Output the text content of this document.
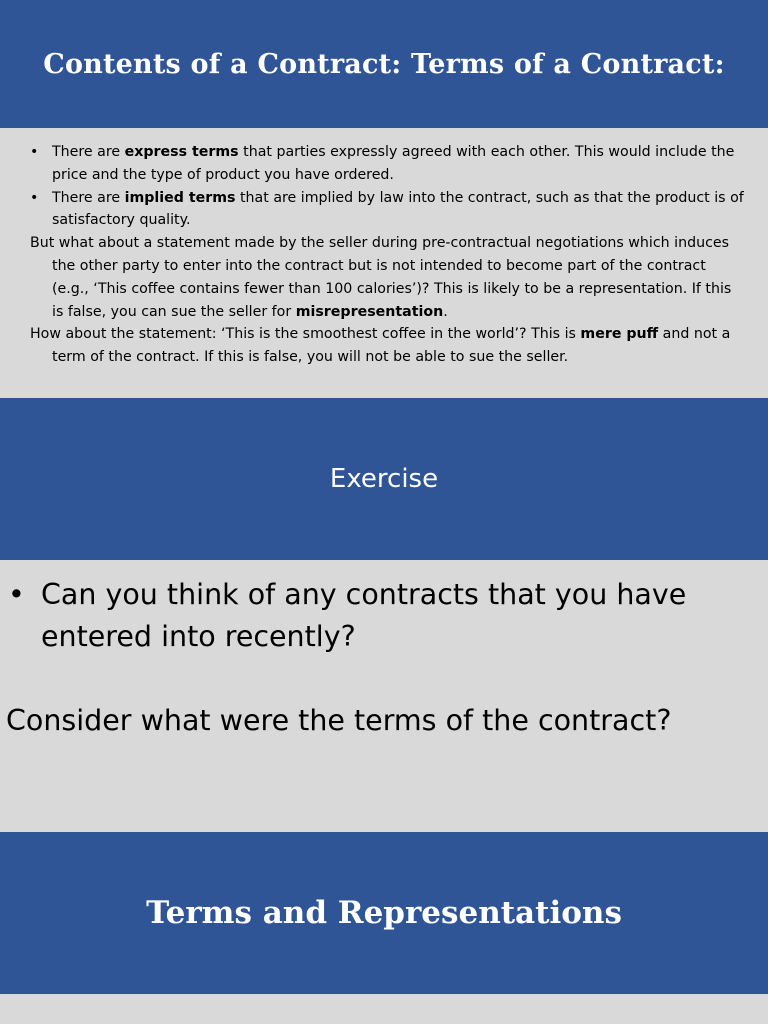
Contents of a Contract: Terms of a Contract:
• There are express terms that parties expressly agreed with each other. This would include the price and the type of product you have ordered.
• There are implied terms that are implied by law into the contract, such as that the product is of satisfactory quality.
But what about a statement made by the seller during pre-contractual negotiations which induces the other party to enter into the contract but is not intended to become part of the contract (e.g., ‘This coffee contains fewer than 100 calories’)? This is likely to be a representation. If this is false, you can sue the seller for misrepresentation.
How about the statement: ‘This is the smoothest coffee in the world’? This is mere puff and not a term of the contract. If this is false, you will not be able to sue the seller.
Exercise
• Can you think of any contracts that you have entered into recently?

Consider what were the terms of the contract?

Terms and Representations
